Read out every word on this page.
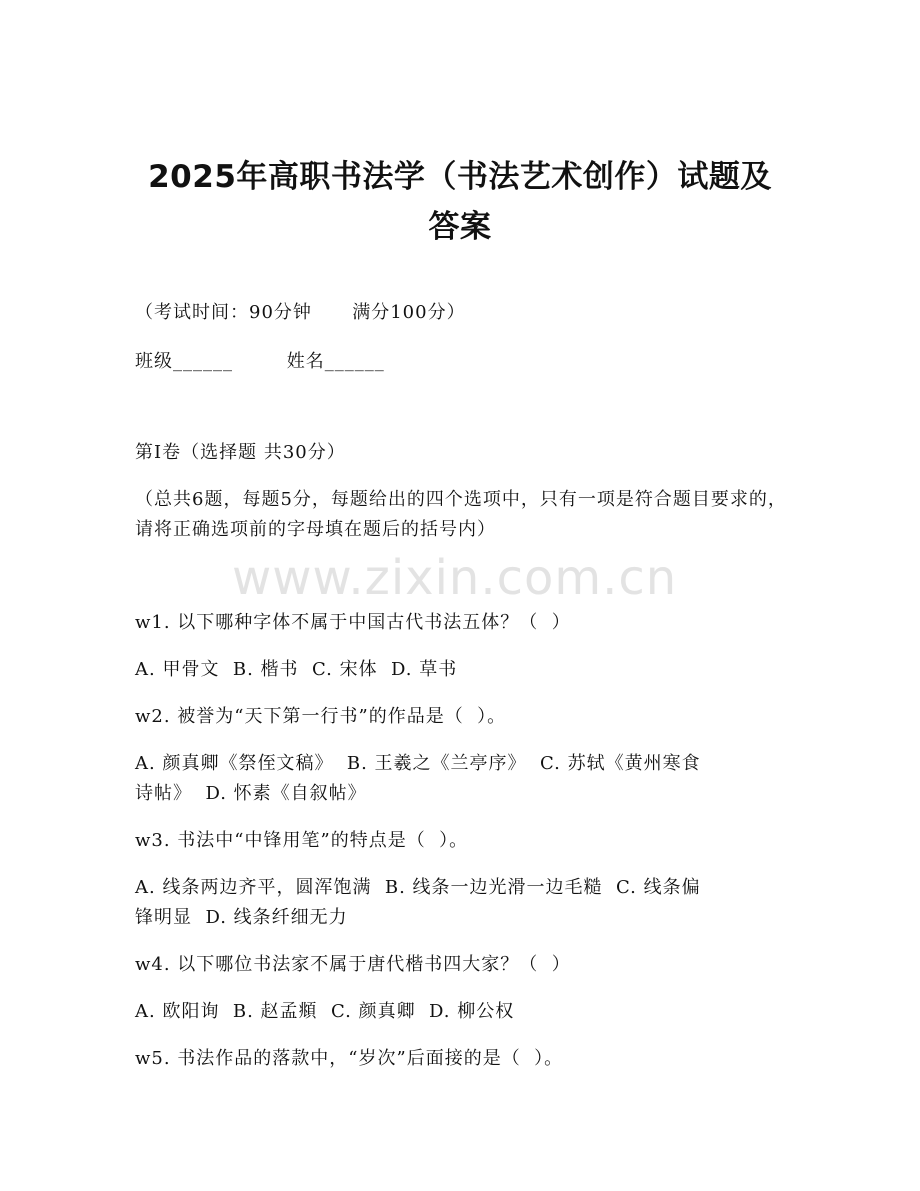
2025年高职书法学（书法艺术创作）试题及
答案
（考试时间：90分钟      满分100分）
班级______        姓名______
第I卷（选择题 共30分）
（总共6题，每题5分，每题给出的四个选项中，只有一项是符合题目要求的，请将正确选项前的字母填在题后的括号内）
www.zixin.com.cn
w1. 以下哪种字体不属于中国古代书法五体？（  ）
A. 甲骨文  B. 楷书  C. 宋体  D. 草书
w2. 被誉为“天下第一行书”的作品是（  ）。
A. 颜真卿《祭侄文稿》  B. 王羲之《兰亭序》  C. 苏轼《黄州寒食
诗帖》  D. 怀素《自叙帖》
w3. 书法中“中锋用笔”的特点是（  ）。
A. 线条两边齐平，圆浑饱满  B. 线条一边光滑一边毛糙  C. 线条偏
锋明显  D. 线条纤细无力
w4. 以下哪位书法家不属于唐代楷书四大家？（  ）
A. 欧阳询  B. 赵孟頫  C. 颜真卿  D. 柳公权
w5. 书法作品的落款中，“岁次”后面接的是（  ）。
